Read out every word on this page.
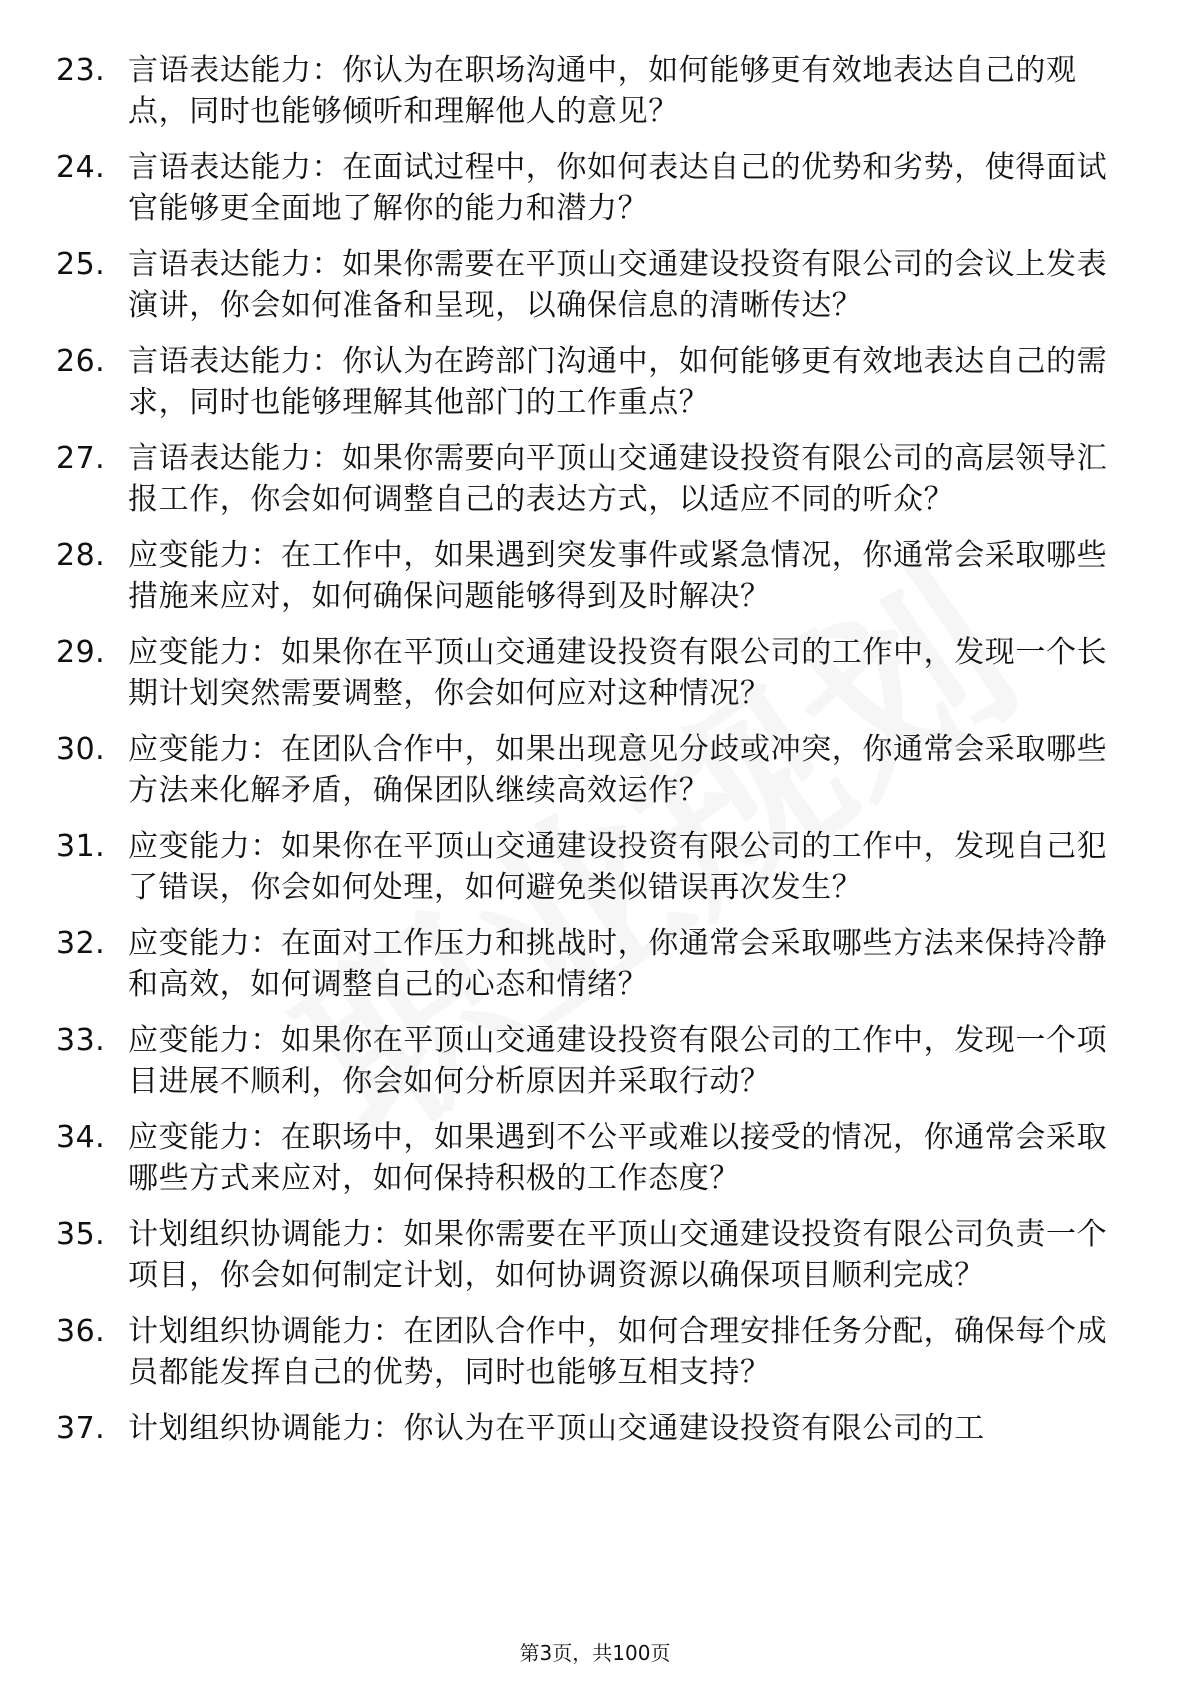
23. 言语表达能力：你认为在职场沟通中，如何能够更有效地表达自己的观点，同时也能够倾听和理解他人的意见？
24. 言语表达能力：在面试过程中，你如何表达自己的优势和劣势，使得面试官能够更全面地了解你的能力和潜力？
25. 言语表达能力：如果你需要在平顶山交通建设投资有限公司的会议上发表演讲，你会如何准备和呈现，以确保信息的清晰传达？
26. 言语表达能力：你认为在跨部门沟通中，如何能够更有效地表达自己的需求，同时也能够理解其他部门的工作重点？
27. 言语表达能力：如果你需要向平顶山交通建设投资有限公司的高层领导汇报工作，你会如何调整自己的表达方式，以适应不同的听众？
28. 应变能力：在工作中，如果遇到突发事件或紧急情况，你通常会采取哪些措施来应对，如何确保问题能够得到及时解决？
29. 应变能力：如果你在平顶山交通建设投资有限公司的工作中，发现一个长期计划突然需要调整，你会如何应对这种情况？
30. 应变能力：在团队合作中，如果出现意见分歧或冲突，你通常会采取哪些方法来化解矛盾，确保团队继续高效运作？
31. 应变能力：如果你在平顶山交通建设投资有限公司的工作中，发现自己犯了错误，你会如何处理，如何避免类似错误再次发生？
32. 应变能力：在面对工作压力和挑战时，你通常会采取哪些方法来保持冷静和高效，如何调整自己的心态和情绪？
33. 应变能力：如果你在平顶山交通建设投资有限公司的工作中，发现一个项目进展不顺利，你会如何分析原因并采取行动？
34. 应变能力：在职场中，如果遇到不公平或难以接受的情况，你通常会采取哪些方式来应对，如何保持积极的工作态度？
35. 计划组织协调能力：如果你需要在平顶山交通建设投资有限公司负责一个项目，你会如何制定计划，如何协调资源以确保项目顺利完成？
36. 计划组织协调能力：在团队合作中，如何合理安排任务分配，确保每个成员都能发挥自己的优势，同时也能够互相支持？
37. 计划组织协调能力：你认为在平顶山交通建设投资有限公司的工
第3页，共100页
